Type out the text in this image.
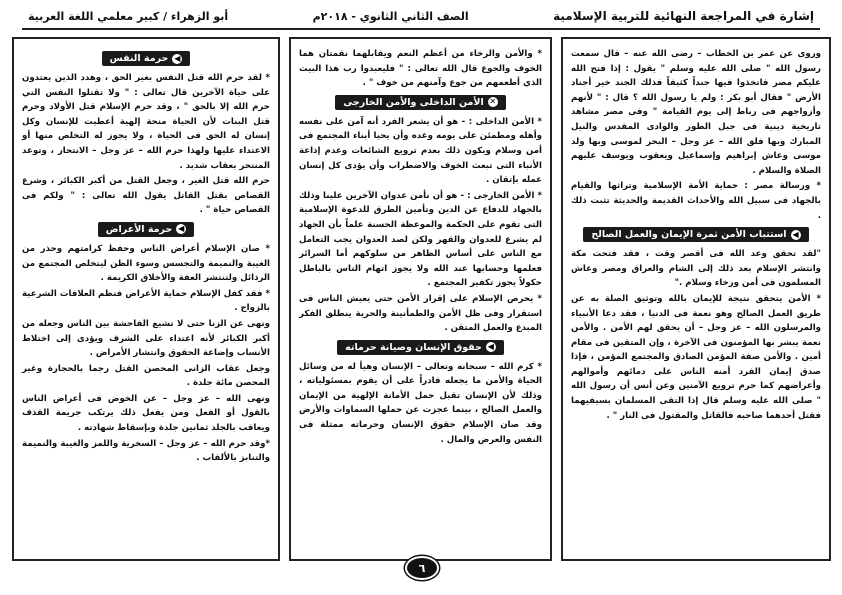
إشارة في المراجعة النهائية للتربية الإسلامية
الصف الثاني الثانوي - ٢٠١٨م
أبو الزهراء / كبير معلمي اللغة العربية

وروى عن عمر بن الخطاب – رضى الله عنه – قال سمعت رسول الله " صلى الله عليه وسلم " يقول : إذا فتح الله عليكم مصر فاتخذوا فيها جنداً كثيفاً فذلك الجند خير أجناد الأرض " فقال أبو بكر : ولم يا رسول الله ؟ قال : " لأنهم وأزواجهم فى رباط إلى يوم القيامة " وفى مصر مشاهد تاريخية دينية فى جبل الطور والوادى المقدس والنيل المبارك وبها فلق الله – عز وجل – البحر لموسى وبها ولد موسى وعاش إبراهيم وإسماعيل ويعقوب ويوسف عليهم الصلاة والسلام .

* ورسالة مصر : حماية الأمة الإسلامية وتراثها والقيام بالجهاد فى سبيل الله والأحداث القديمة والحديثة تثبت ذلك .

◀
استتباب الأمن ثمرة الإيمان والعمل الصالح

"لقد تحقق وعد الله فى أقصر وقت ، فقد فتحت مكة وانتشر الإسلام بعد ذلك إلى الشام والعراق ومصر وعاش المسلمون فى أمن ورخاء وسلام ."

* الأمن يتحقق نتيجة للإيمان بالله وتوثيق الصلة به عن طريق العمل الصالح وهو نعمة فى الدنيا ، فقد دعا الأنبياء والمرسلون الله – عز وجل – أن يحقق لهم الأمن . والأمن نعمة يبشر بها المؤمنون فى الآخرة ، وإن المتقين فى مقام أمين . والأمن صفة المؤمن الصادق والمجتمع المؤمن ، فإذا صدق إيمان الفرد أمنه الناس على دمائهم وأموالهم وأعراضهم كما حرم ترويع الآمنين وعن أنس أن رسول الله " صلى الله عليه وسلم قال إذا التقى المسلمان بسيفيهما فقتل أحدهما صاحبه فالقاتل والمقتول فى النار " .

* والأمن والرخاء من أعظم النعم ويقابلهما نقمتان هما الخوف والجوع قال الله تعالى : " فليعبدوا رب هذا البيت الذي أطعمهم من جوع وآمنهم من خوف " .

✕
الأمن الداخلى والأمن الخارجى

* الأمن الداخلى : - هو أن يشعر الفرد أنه آمن على نفسه وأهله ومطمئن على يومه وغده وأن يحيا أبناء المجتمع فى أمن وسلام ويكون ذلك بعدم ترويع الشائعات وعدم إذاعة الأنباء التى تبعث الخوف والاضطراب وأن يؤدى كل إنسان عمله بإتقان .

* الأمن الخارجى : - هو أن نأمن عدوان الآخرين علينا وذلك بالجهاد للدفاع عن الدين وتأمين الطرق للدعوة الإسلامية التى تقوم على الحكمة والموعظة الحسنة علماً بأن الجهاد لم يشرع للعدوان والقهر ولكن لصد العدوان يجب التعامل مع الناس على أساس الظاهر من سلوكهم أما السرائر فعلمها وحسابها عند الله ولا يجوز اتهام الناس بالباطل حكولاً يجوز تكفير المجتمع .

* يحرص الإسلام على إقرار الأمن حتى يعيش الناس فى استقرار وفى ظل الأمن والطمأنينة والحرية ينطلق الفكر المبدع والعمل المتقن .

◀
حقوق الإنسان وصيانة حرماته

* كرم الله – سبحانه وتعالى – الإنسان وهيأ له من وسائل الحياة والأمن ما يجعله قادراً على أن يقوم بمسئولياته ، وذلك لأن الإنسان تقبل حمل الأمانة الإلهية من الإيمان والعمل الصالح ، بينما عجزت عن حملها السماوات والأرض وقد صان الإسلام حقوق الإنسان وحرماته ممثلة فى النفس والعرض والمال .

◀
حرمة النفس

* لقد حرم الله قتل النفس بغير الحق ، وهدد الذين يعتدون على حياة الآخرين قال تعالى : " ولا تقتلوا النفس التي حرم الله إلا بالحق " ، وقد حرم الإسلام قتل الأولاد وحرم قتل البنات لأن الحياة منحة إلهية أعطيت للإنسان وكل إنسان له الحق فى الحياة ، ولا يجوز له التخلص منها أو الاعتداء عليها ولهذا حرم الله – عز وجل – الانتحار ، وتوعد المنتحر بعقاب شديد .

حرم الله قتل الغير ، وجعل القتل من أكبر الكبائر ، وشرع القصاص بقتل القاتل يقول الله تعالى : " ولكم فى القصاص حياة " .

◀
حرمة الأعراض

* صان الإسلام أعراض الناس وحفظ كرامتهم وحذر من الغيبة والنميمة والتجسس وسوء الظن ليتخلص المجتمع من الرذائل ولتنتشر العفة والأخلاق الكريمة .

* فقد كفل الإسلام حماية الأعراض فنظم العلاقات الشرعية بالزواج .

ونهى عن الزنا حتى لا تشيع الفاحشة بين الناس وجعله من أكبر الكبائر لأنه اعتداء على الشرف ويؤدى إلى اختلاط الأنساب وإضاعة الحقوق وانتشار الأمراض .

وجعل عقاب الزانى المحصن القتل رجما بالحجارة وغير المحصن مائة جلدة .

ونهى الله – عز وجل – عن الخوض فى أعراض الناس بالقول أو الفعل ومن يفعل ذلك يرتكب جريمة القذف ويعاقب بالجلد ثمانين جلدة وبإسقاط شهادته .

*وقد حرم الله – عز وجل – السخرية واللمز والغيبة والنميمة والتنابز بالألقاب .

٦
